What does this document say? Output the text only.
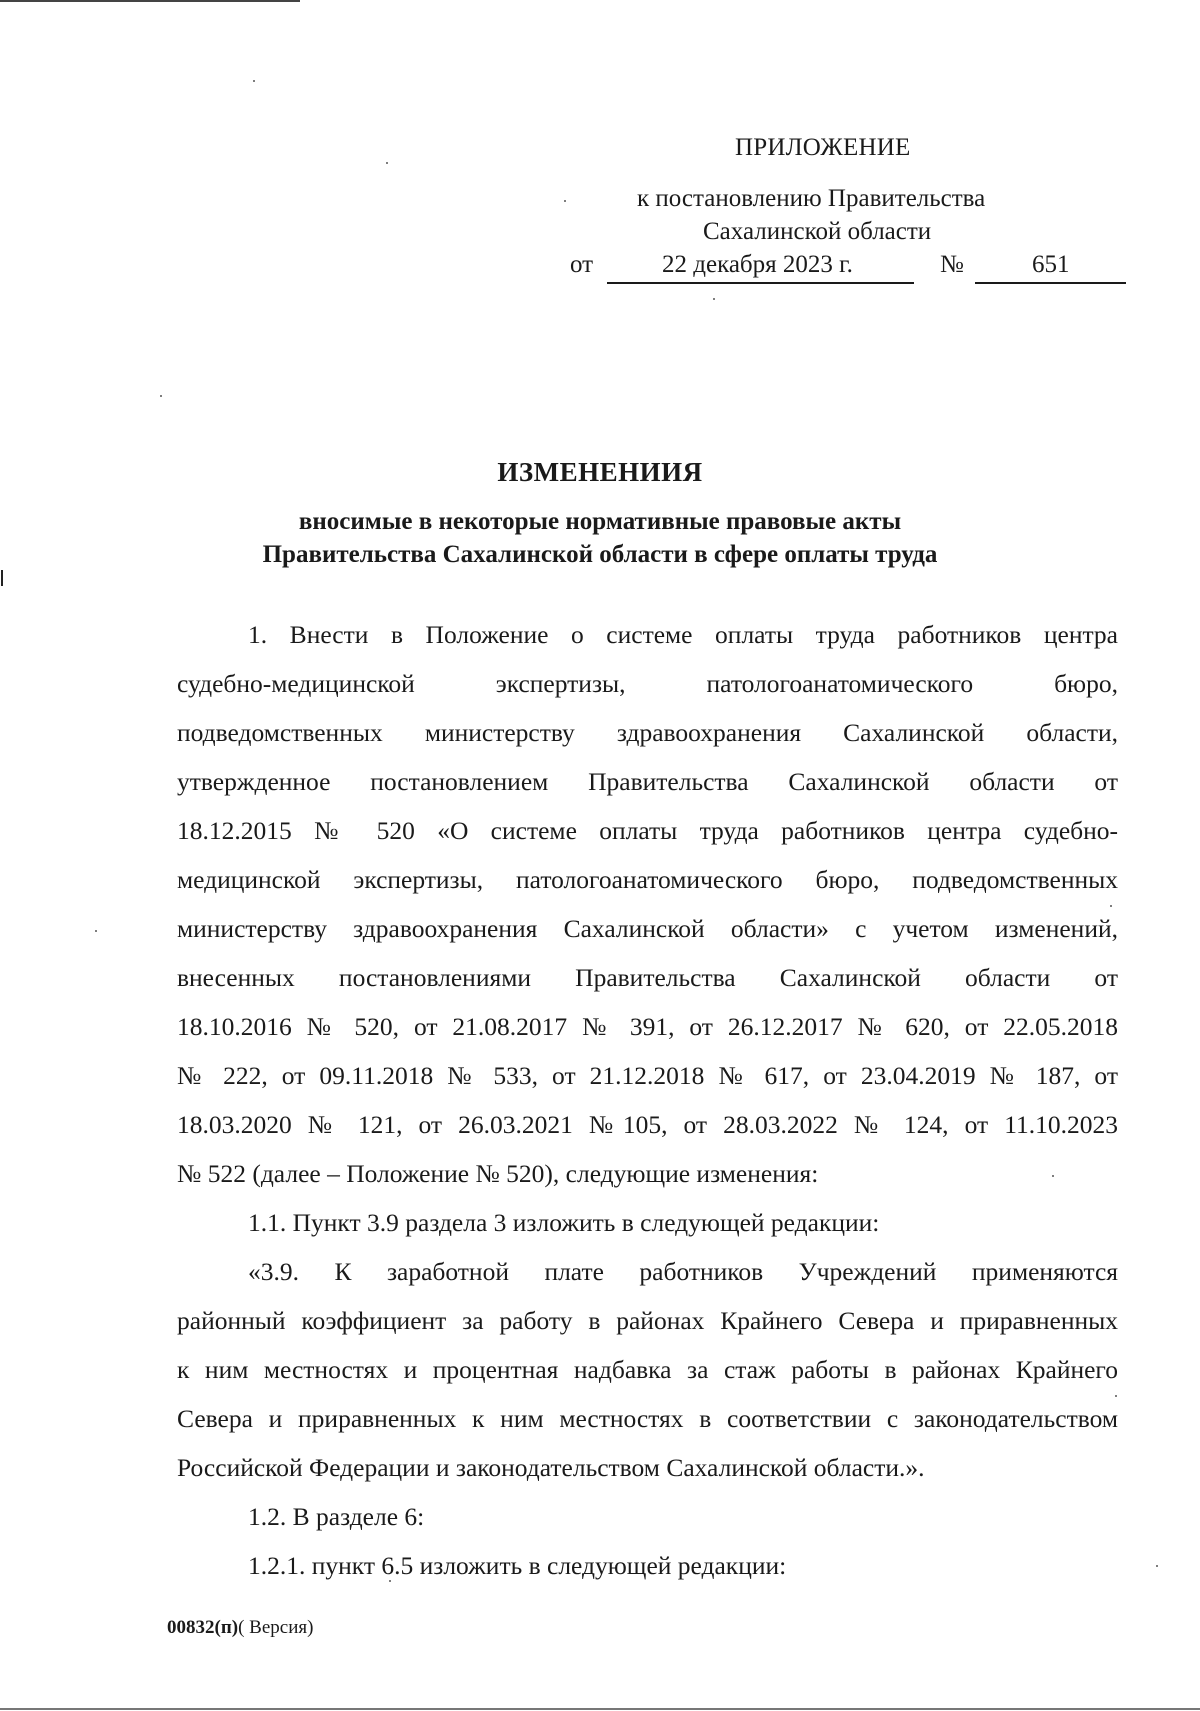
ПРИЛОЖЕНИЕ
к постановлению Правительства
Сахалинской области
от	22 декабря 2023 г.	№	651
ИЗМЕНЕНИИЯ
вносимые в некоторые нормативные правовые акты
Правительства Сахалинской области в сфере оплаты труда
1. Внести в Положение о системе оплаты труда работников центра
судебно-медицинской экспертизы, патологоанатомического бюро,
подведомственных министерству здравоохранения Сахалинской области,
утвержденное постановлением Правительства Сахалинской области от
18.12.2015 № 520 «О системе оплаты труда работников центра судебно-
медицинской экспертизы, патологоанатомического бюро, подведомственных
министерству здравоохранения Сахалинской области» с учетом изменений,
внесенных постановлениями Правительства Сахалинской области от
18.10.2016 № 520, от 21.08.2017 № 391, от 26.12.2017 № 620, от 22.05.2018
№ 222, от 09.11.2018 № 533, от 21.12.2018 № 617, от 23.04.2019 № 187, от
18.03.2020 № 121, от 26.03.2021 №105, от 28.03.2022 № 124, от 11.10.2023
№ 522 (далее – Положение № 520), следующие изменения:
1.1. Пункт 3.9 раздела 3 изложить в следующей редакции:
«3.9. К заработной плате работников Учреждений применяются
районный коэффициент за работу в районах Крайнего Севера и приравненных
к ним местностях и процентная надбавка за стаж работы в районах Крайнего
Севера и приравненных к ним местностях в соответствии с законодательством
Российской Федерации и законодательством Сахалинской области.».
1.2. В разделе 6:
1.2.1. пункт 6.5 изложить в следующей редакции:
00832(п)( Версия)
